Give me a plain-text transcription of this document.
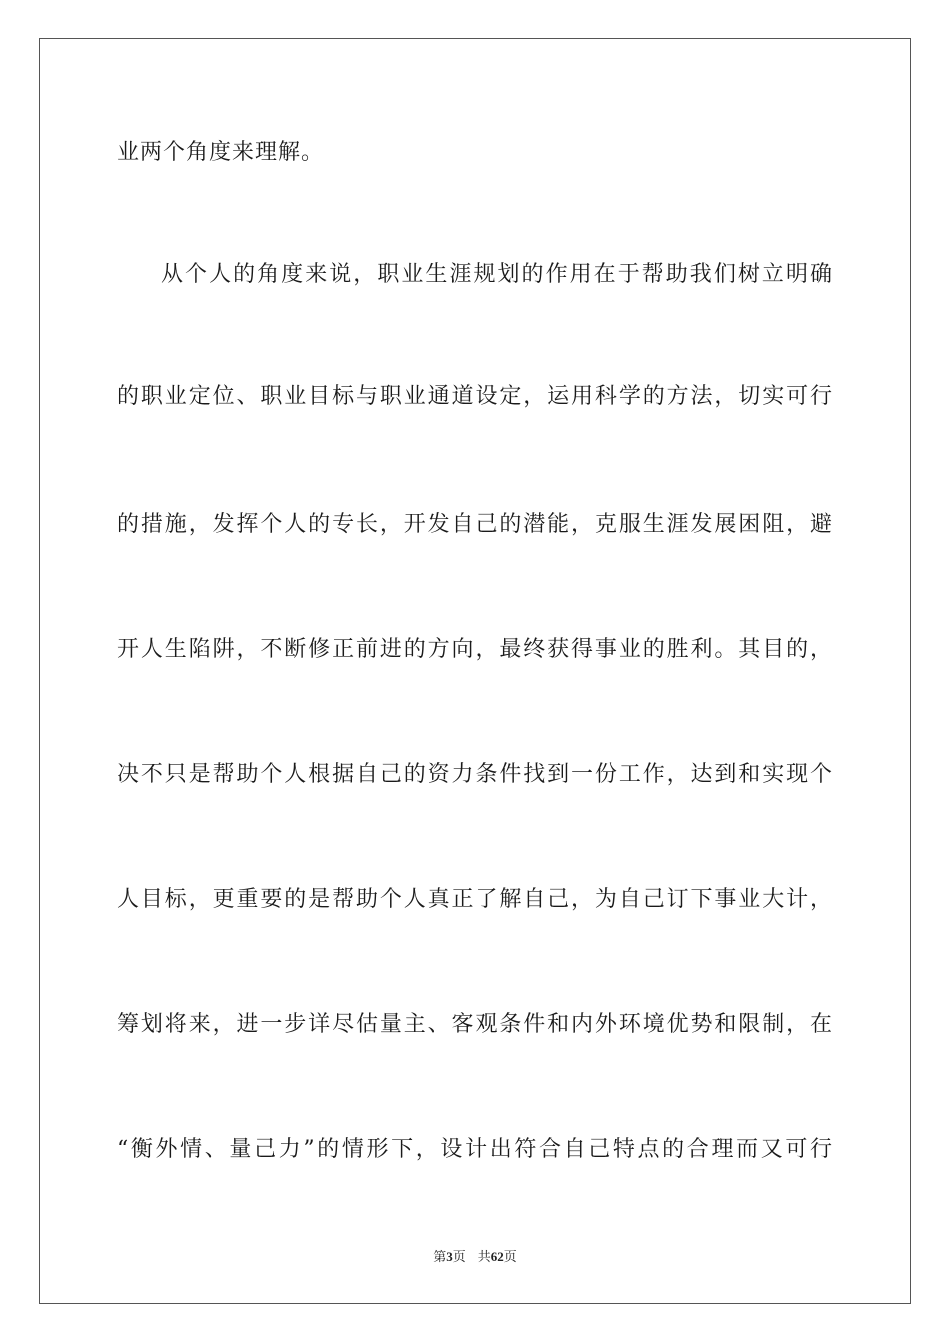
业两个角度来理解。
从个人的角度来说，职业生涯规划的作用在于帮助我们树立明确
的职业定位、职业目标与职业通道设定，运用科学的方法，切实可行
的措施，发挥个人的专长，开发自己的潜能，克服生涯发展困阻，避
开人生陷阱，不断修正前进的方向，最终获得事业的胜利。其目的，
决不只是帮助个人根据自己的资力条件找到一份工作，达到和实现个
人目标，更重要的是帮助个人真正了解自己，为自己订下事业大计，
筹划将来，进一步详尽估量主、客观条件和内外环境优势和限制，在
“衡外情、量己力”的情形下，设计出符合自己特点的合理而又可行
第3页 共62页
